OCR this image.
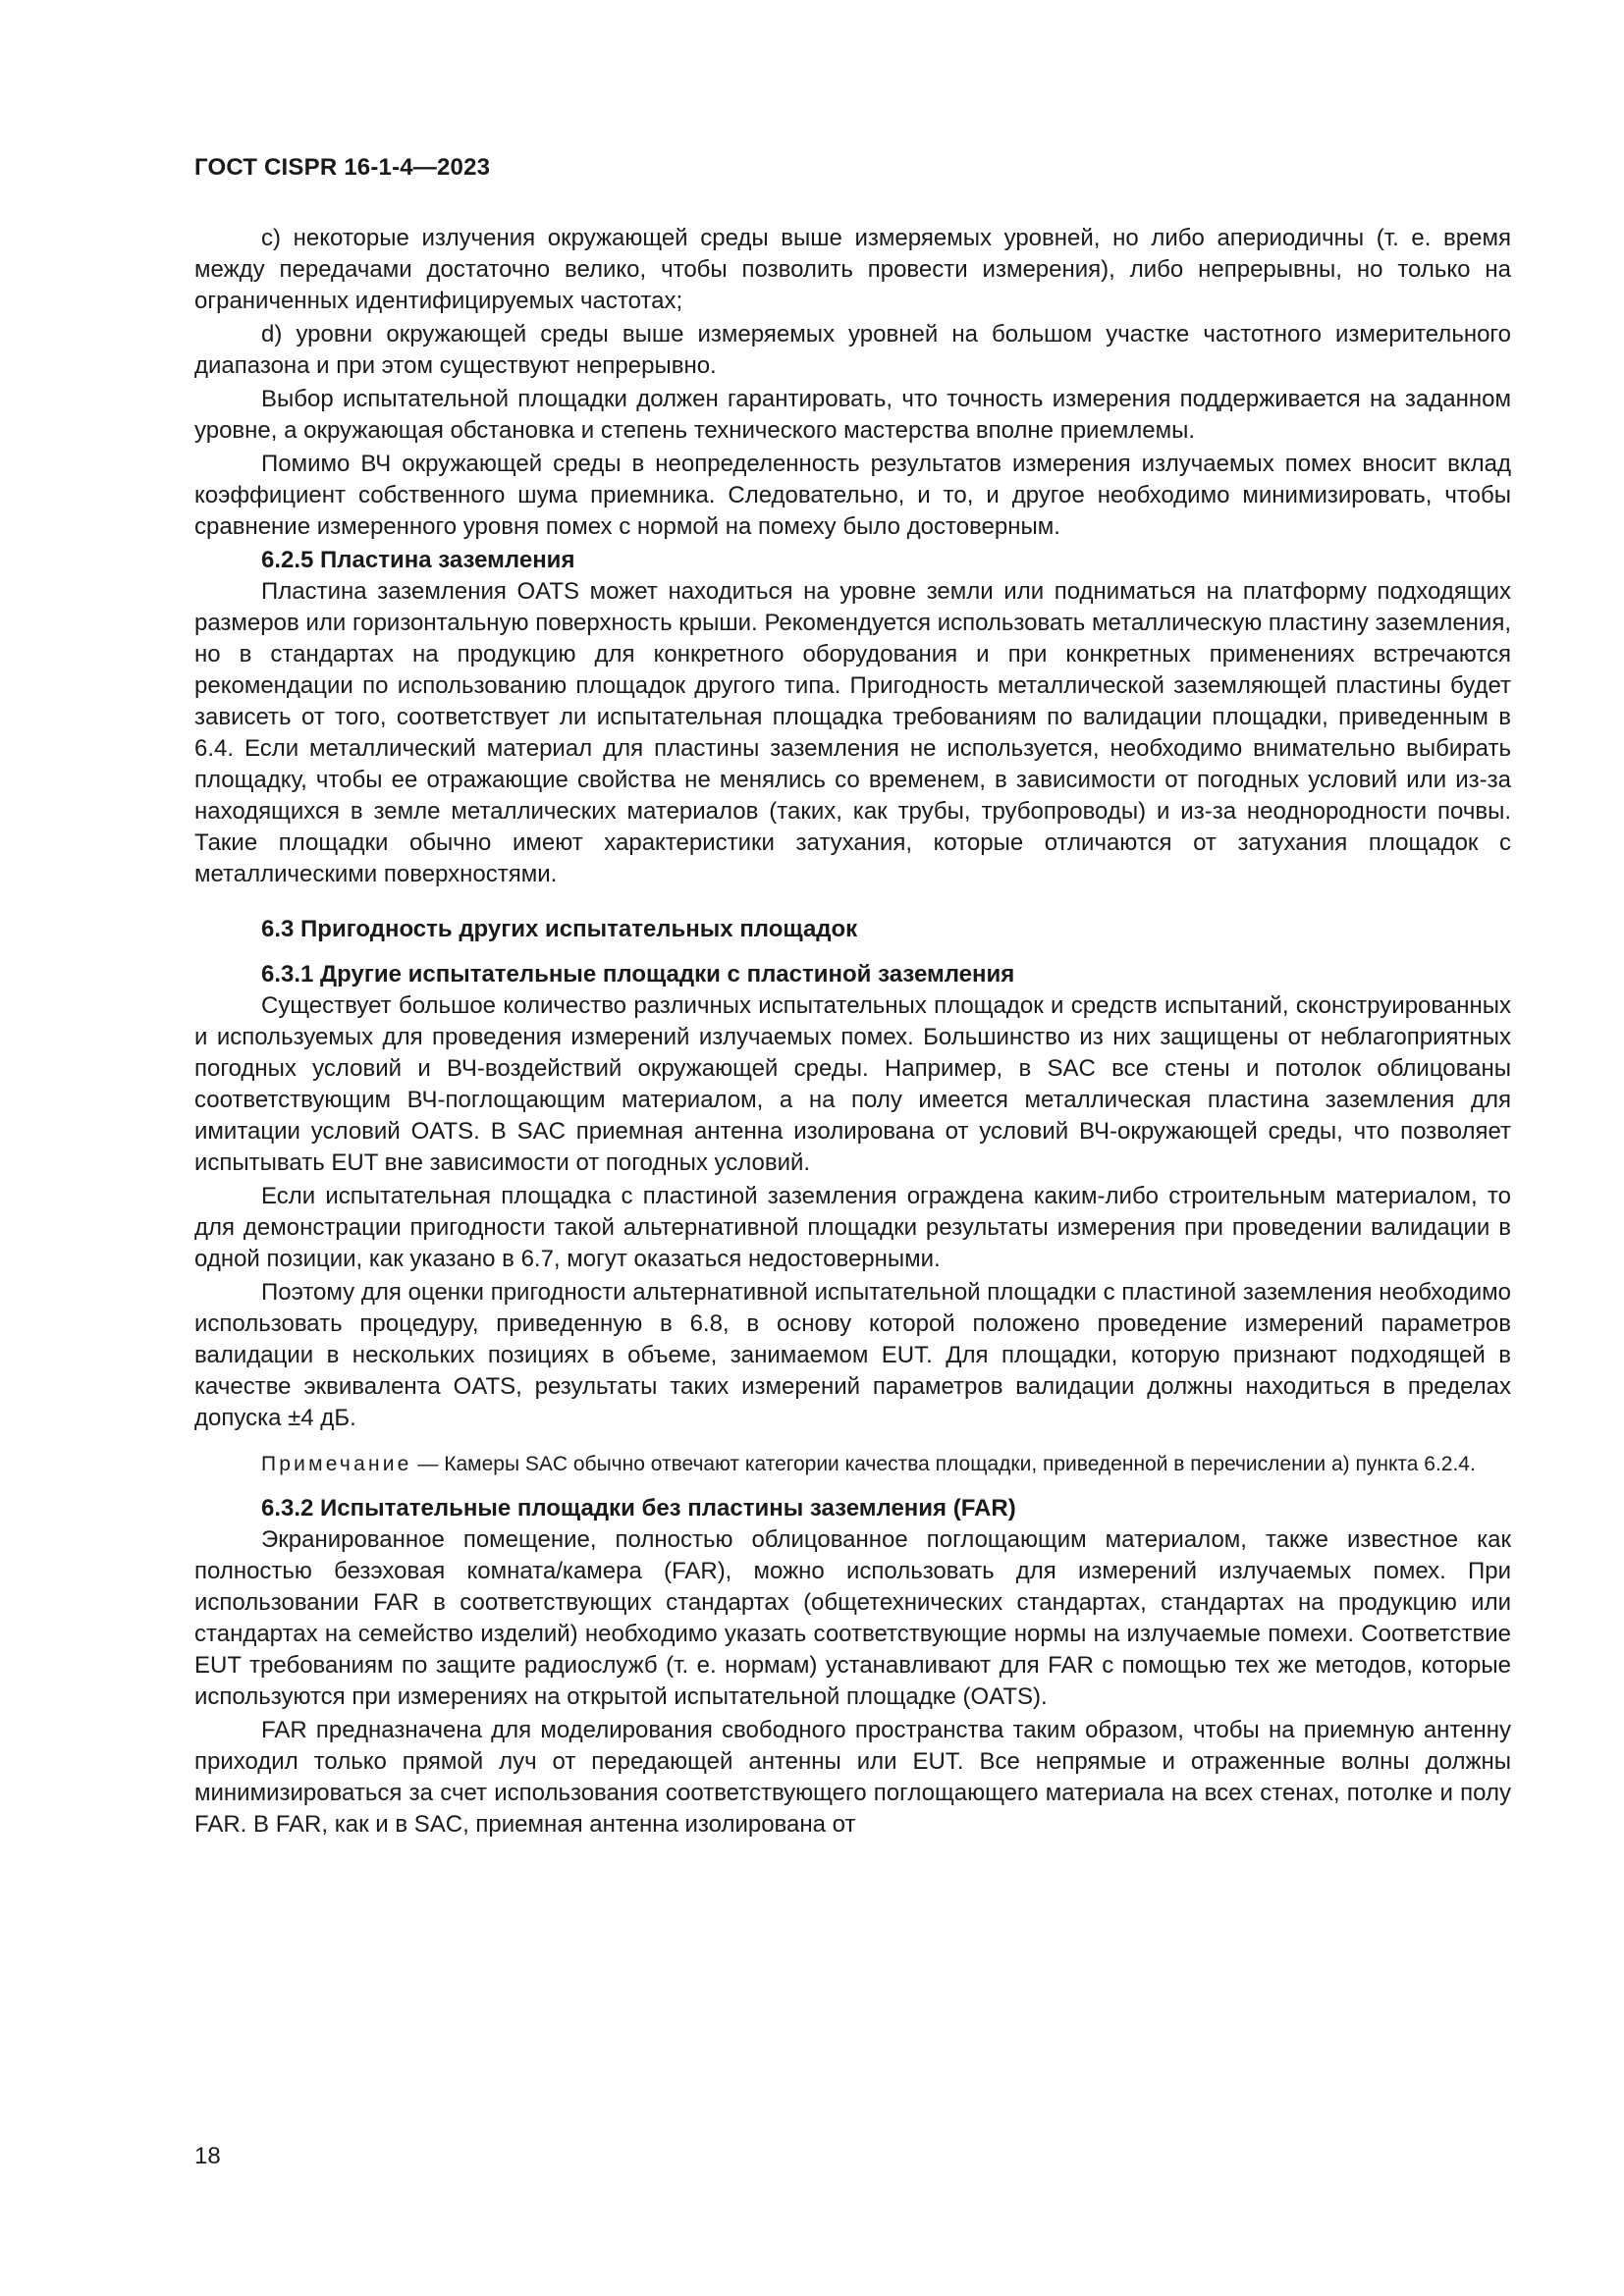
ГОСТ CISPR 16-1-4—2023

c) некоторые излучения окружающей среды выше измеряемых уровней, но либо апериодичны (т. е. время между передачами достаточно велико, чтобы позволить провести измерения), либо непрерывны, но только на ограниченных идентифицируемых частотах;

d) уровни окружающей среды выше измеряемых уровней на большом участке частотного измерительного диапазона и при этом существуют непрерывно.

Выбор испытательной площадки должен гарантировать, что точность измерения поддерживается на заданном уровне, а окружающая обстановка и степень технического мастерства вполне приемлемы.

Помимо ВЧ окружающей среды в неопределенность результатов измерения излучаемых помех вносит вклад коэффициент собственного шума приемника. Следовательно, и то, и другое необходимо минимизировать, чтобы сравнение измеренного уровня помех с нормой на помеху было достоверным.

6.2.5 Пластина заземления

Пластина заземления OATS может находиться на уровне земли или подниматься на платформу подходящих размеров или горизонтальную поверхность крыши. Рекомендуется использовать металлическую пластину заземления, но в стандартах на продукцию для конкретного оборудования и при конкретных применениях встречаются рекомендации по использованию площадок другого типа. Пригодность металлической заземляющей пластины будет зависеть от того, соответствует ли испытательная площадка требованиям по валидации площадки, приведенным в 6.4. Если металлический материал для пластины заземления не используется, необходимо внимательно выбирать площадку, чтобы ее отражающие свойства не менялись со временем, в зависимости от погодных условий или из-за находящихся в земле металлических материалов (таких, как трубы, трубопроводы) и из-за неоднородности почвы. Такие площадки обычно имеют характеристики затухания, которые отличаются от затухания площадок с металлическими поверхностями.

6.3 Пригодность других испытательных площадок
6.3.1 Другие испытательные площадки с пластиной заземления

Существует большое количество различных испытательных площадок и средств испытаний, сконструированных и используемых для проведения измерений излучаемых помех. Большинство из них защищены от неблагоприятных погодных условий и ВЧ-воздействий окружающей среды. Например, в SAC все стены и потолок облицованы соответствующим ВЧ-поглощающим материалом, а на полу имеется металлическая пластина заземления для имитации условий OATS. В SAC приемная антенна изолирована от условий ВЧ-окружающей среды, что позволяет испытывать EUT вне зависимости от погодных условий.

Если испытательная площадка с пластиной заземления ограждена каким-либо строительным материалом, то для демонстрации пригодности такой альтернативной площадки результаты измерения при проведении валидации в одной позиции, как указано в 6.7, могут оказаться недостоверными.

Поэтому для оценки пригодности альтернативной испытательной площадки с пластиной заземления необходимо использовать процедуру, приведенную в 6.8, в основу которой положено проведение измерений параметров валидации в нескольких позициях в объеме, занимаемом EUT. Для площадки, которую признают подходящей в качестве эквивалента OATS, результаты таких измерений параметров валидации должны находиться в пределах допуска ±4 дБ.

Примечание — Камеры SAC обычно отвечают категории качества площадки, приведенной в перечислении а) пункта 6.2.4.
6.3.2 Испытательные площадки без пластины заземления (FAR)

Экранированное помещение, полностью облицованное поглощающим материалом, также известное как полностью безэховая комната/камера (FAR), можно использовать для измерений излучаемых помех. При использовании FAR в соответствующих стандартах (общетехнических стандартах, стандартах на продукцию или стандартах на семейство изделий) необходимо указать соответствующие нормы на излучаемые помехи. Соответствие EUT требованиям по защите радиослужб (т. е. нормам) устанавливают для FAR с помощью тех же методов, которые используются при измерениях на открытой испытательной площадке (OATS).

FAR предназначена для моделирования свободного пространства таким образом, чтобы на приемную антенну приходил только прямой луч от передающей антенны или EUT. Все непрямые и отраженные волны должны минимизироваться за счет использования соответствующего поглощающего материала на всех стенах, потолке и полу FAR. В FAR, как и в SAC, приемная антенна изолирована от

18
